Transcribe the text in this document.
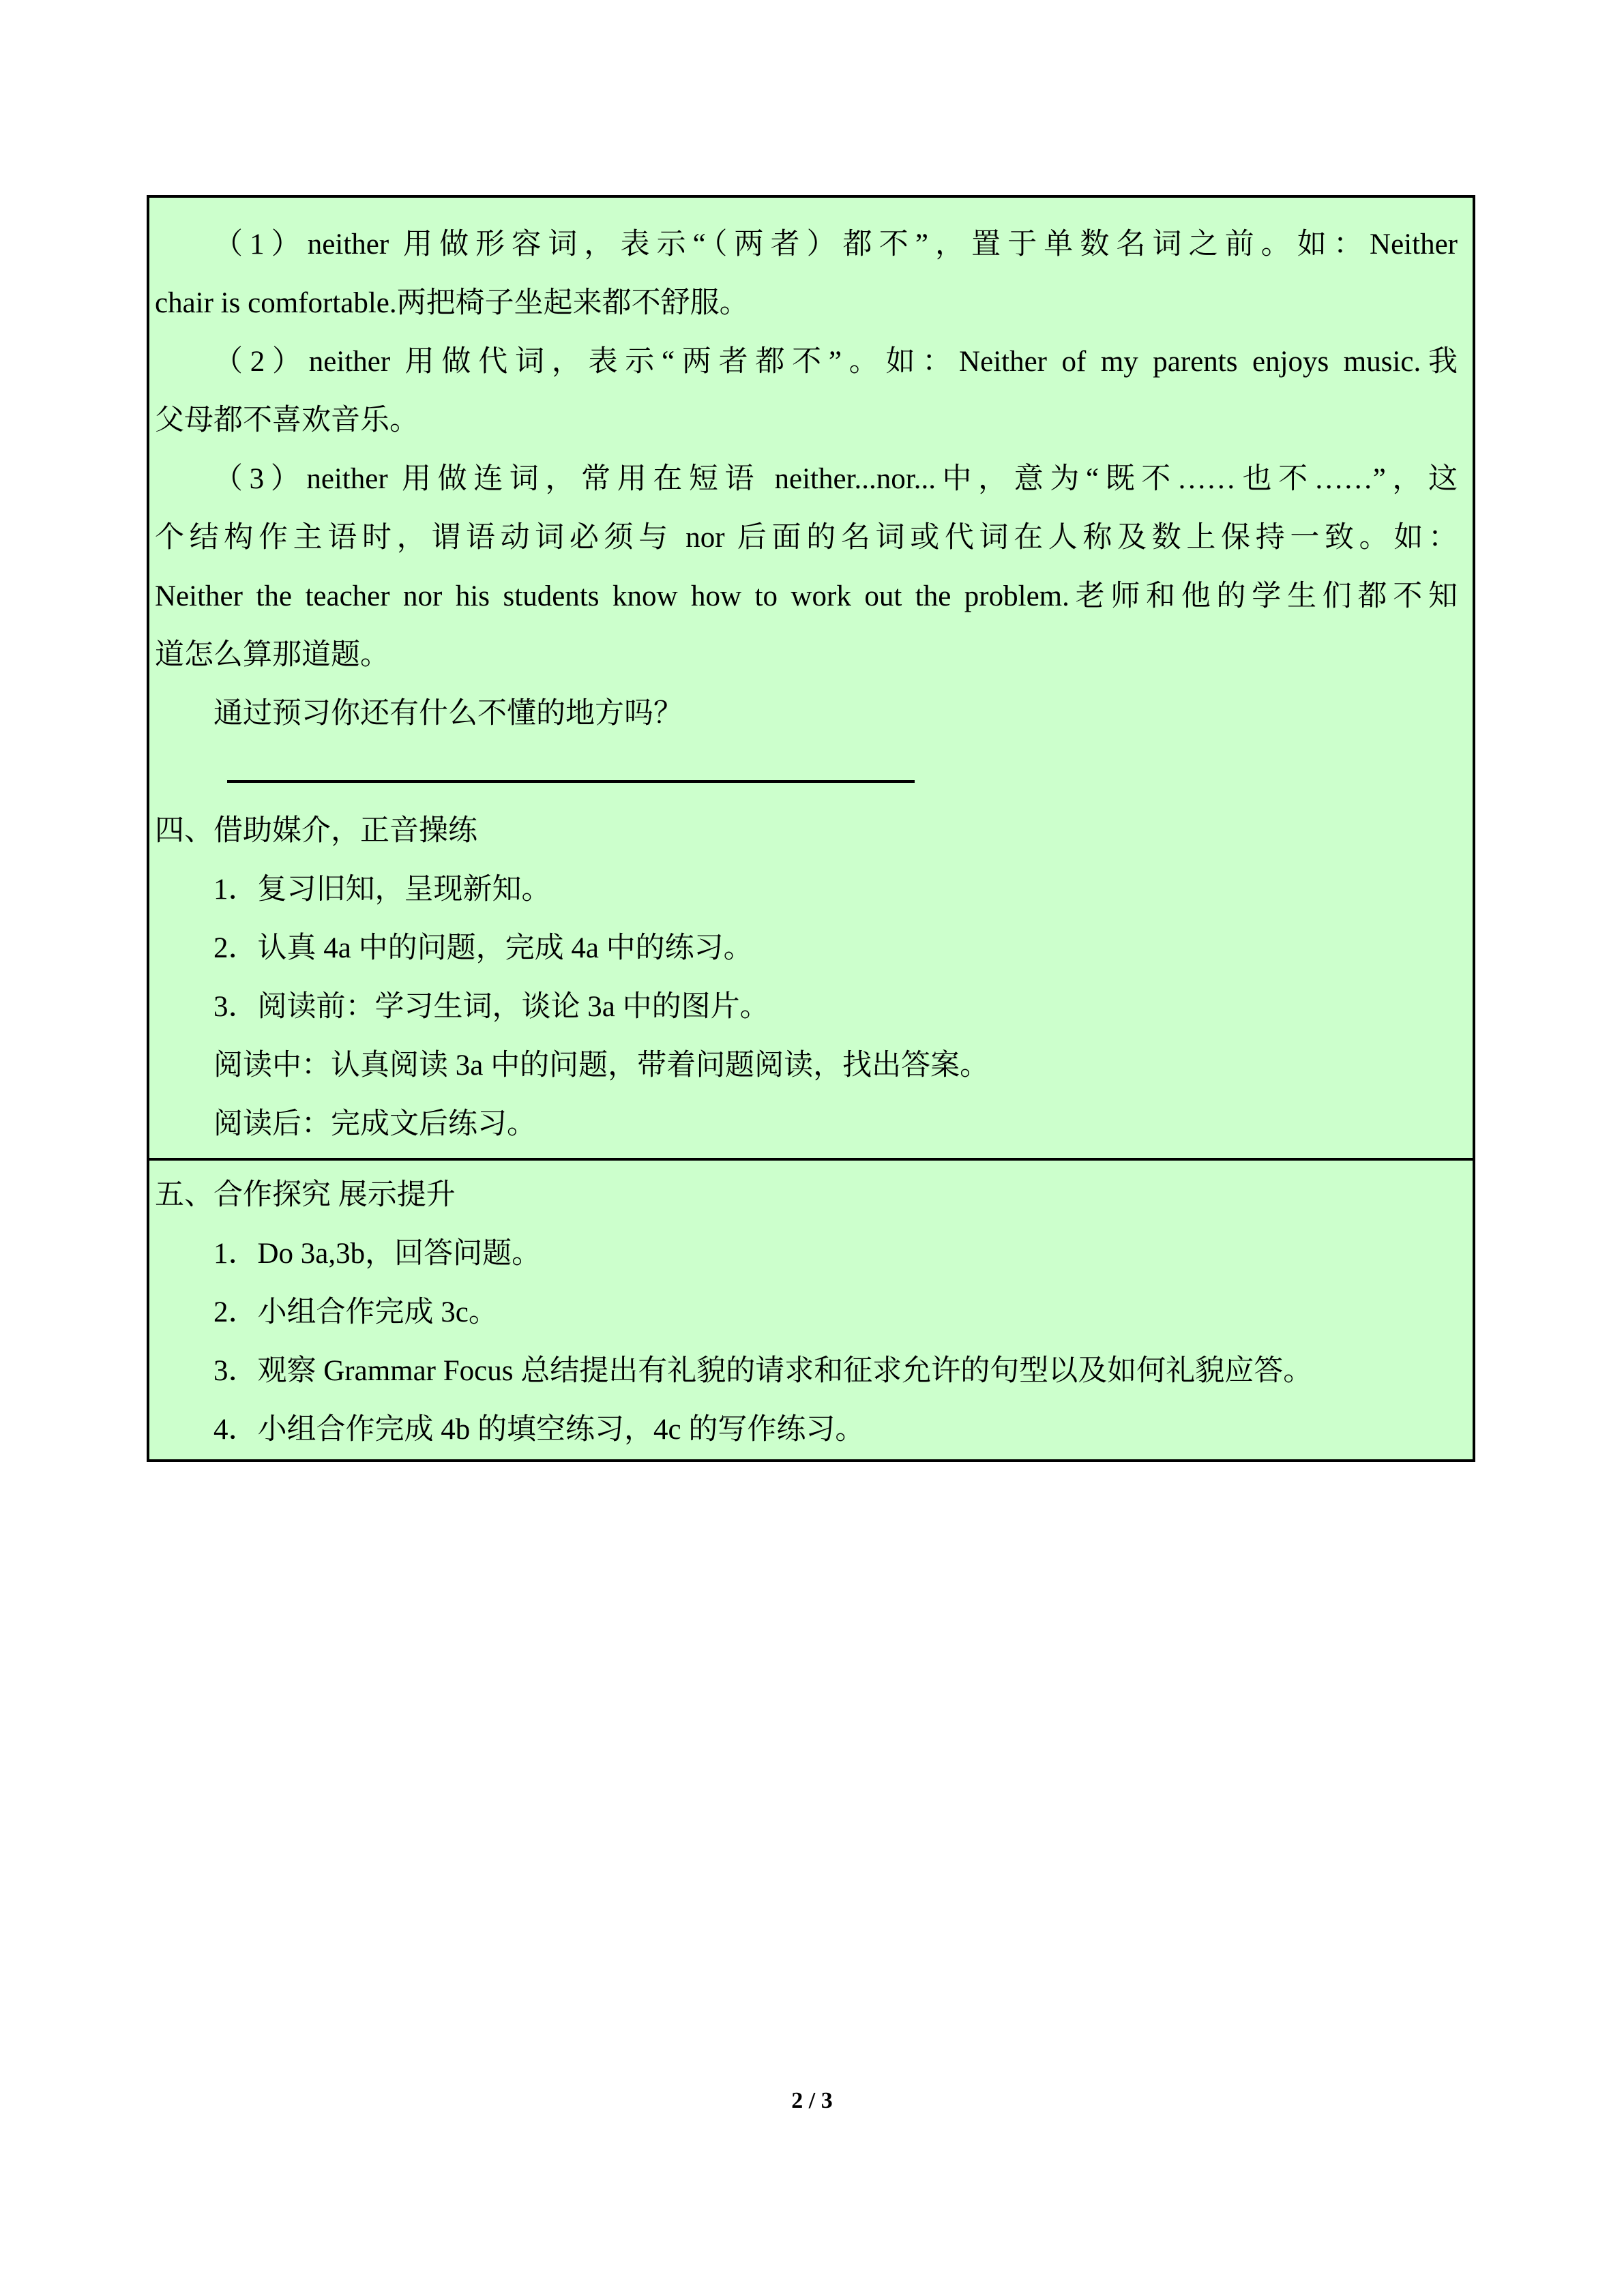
（1）neither 用做形容词，表示“（两者）都不”，置于单数名词之前。如：Neither
chair is comfortable.两把椅子坐起来都不舒服。
（2）neither 用做代词，表示“两者都不”。如：Neither of my parents enjoys music.我
父母都不喜欢音乐。
（3）neither 用做连词，常用在短语 neither...nor...中，意为“既不……也不……”，这
个结构作主语时，谓语动词必须与 nor 后面的名词或代词在人称及数上保持一致。如：
Neither the teacher nor his students know how to work out the problem.老师和他的学生们都不知
道怎么算那道题。
通过预习你还有什么不懂的地方吗？
四、借助媒介，正音操练
1．复习旧知，呈现新知。
2．认真 4a 中的问题，完成 4a 中的练习。
3．阅读前：学习生词，谈论 3a 中的图片。
阅读中：认真阅读 3a 中的问题，带着问题阅读，找出答案。
阅读后：完成文后练习。
五、合作探究 展示提升
1．Do 3a,3b，回答问题。
2．小组合作完成 3c。
3．观察 Grammar Focus 总结提出有礼貌的请求和征求允许的句型以及如何礼貌应答。
4．小组合作完成 4b 的填空练习，4c 的写作练习。
2 / 3
